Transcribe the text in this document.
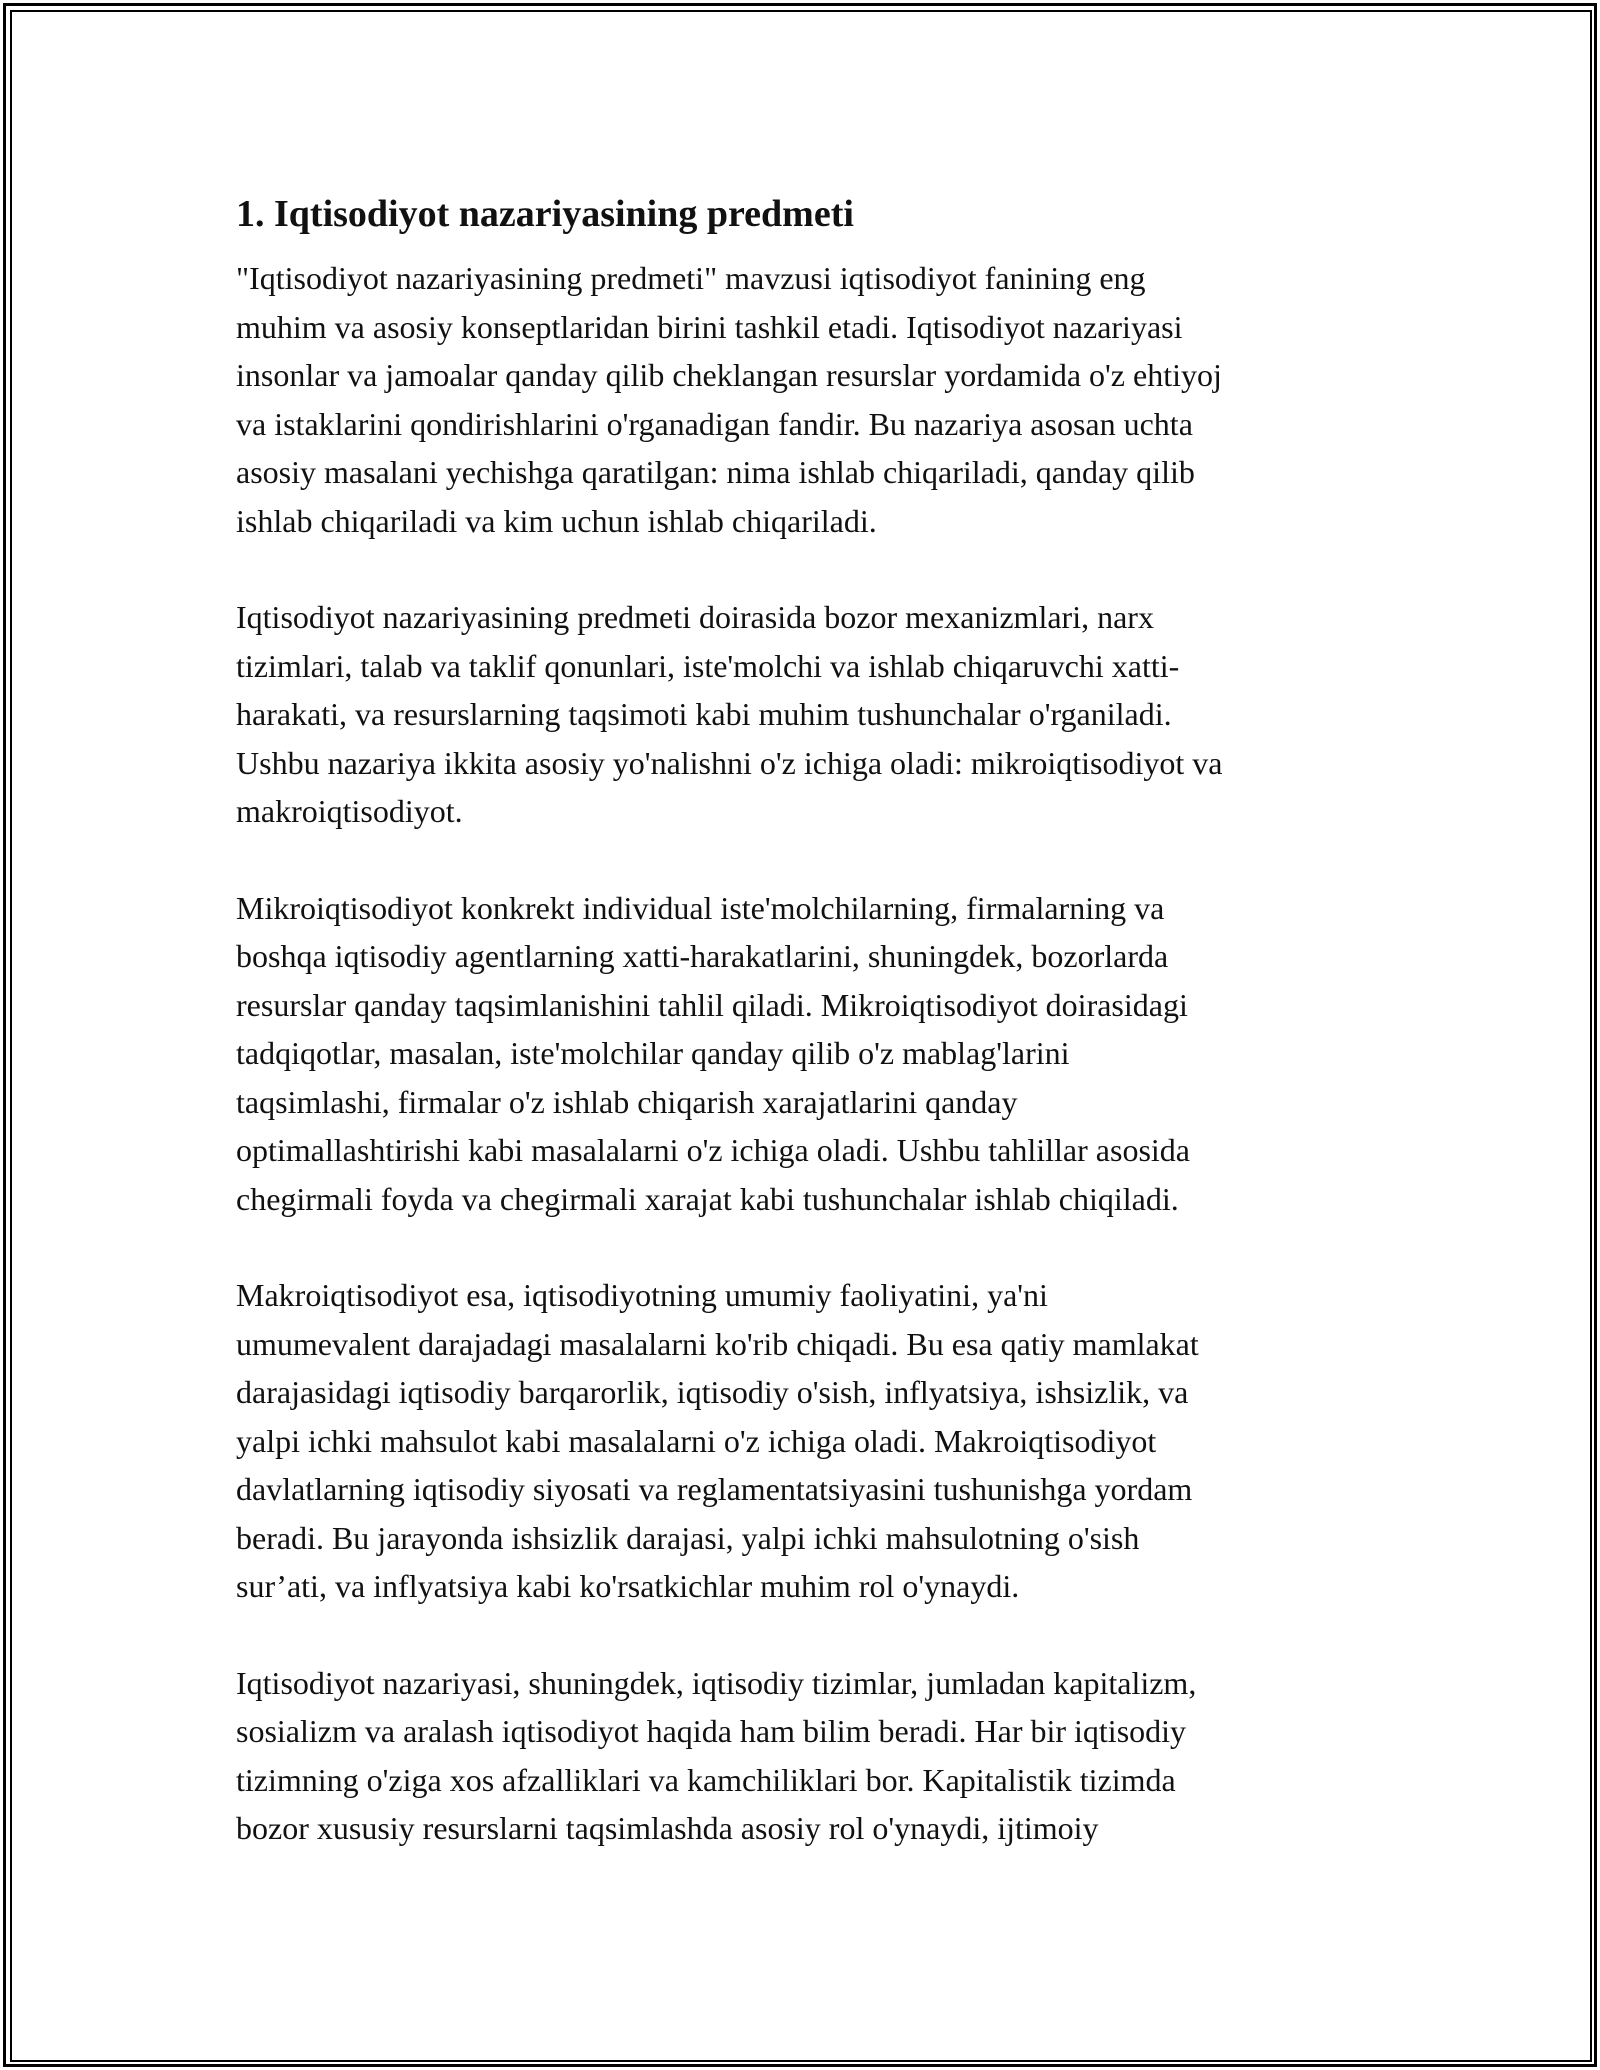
1. Iqtisodiyot nazariyasining predmeti

"Iqtisodiyot nazariyasining predmeti" mavzusi iqtisodiyot fanining eng
muhim va asosiy konseptlaridan birini tashkil etadi. Iqtisodiyot nazariyasi
insonlar va jamoalar qanday qilib cheklangan resurslar yordamida o'z ehtiyoj
va istaklarini qondirishlarini o'rganadigan fandir. Bu nazariya asosan uchta
asosiy masalani yechishga qaratilgan: nima ishlab chiqariladi, qanday qilib
ishlab chiqariladi va kim uchun ishlab chiqariladi.

Iqtisodiyot nazariyasining predmeti doirasida bozor mexanizmlari, narx
tizimlari, talab va taklif qonunlari, iste'molchi va ishlab chiqaruvchi xatti-
harakati, va resurslarning taqsimoti kabi muhim tushunchalar o'rganiladi.
Ushbu nazariya ikkita asosiy yo'nalishni o'z ichiga oladi: mikroiqtisodiyot va
makroiqtisodiyot.

Mikroiqtisodiyot konkrekt individual iste'molchilarning, firmalarning va
boshqa iqtisodiy agentlarning xatti-harakatlarini, shuningdek, bozorlarda
resurslar qanday taqsimlanishini tahlil qiladi. Mikroiqtisodiyot doirasidagi
tadqiqotlar, masalan, iste'molchilar qanday qilib o'z mablag'larini
taqsimlashi, firmalar o'z ishlab chiqarish xarajatlarini qanday
optimallashtirishi kabi masalalarni o'z ichiga oladi. Ushbu tahlillar asosida
chegirmali foyda va chegirmali xarajat kabi tushunchalar ishlab chiqiladi.

Makroiqtisodiyot esa, iqtisodiyotning umumiy faoliyatini, ya'ni
umumevalent darajadagi masalalarni ko'rib chiqadi. Bu esa qatiy mamlakat
darajasidagi iqtisodiy barqarorlik, iqtisodiy o'sish, inflyatsiya, ishsizlik, va
yalpi ichki mahsulot kabi masalalarni o'z ichiga oladi. Makroiqtisodiyot
davlatlarning iqtisodiy siyosati va reglamentatsiyasini tushunishga yordam
beradi. Bu jarayonda ishsizlik darajasi, yalpi ichki mahsulotning o'sish
sur’ati, va inflyatsiya kabi ko'rsatkichlar muhim rol o'ynaydi.

Iqtisodiyot nazariyasi, shuningdek, iqtisodiy tizimlar, jumladan kapitalizm,
sosializm va aralash iqtisodiyot haqida ham bilim beradi. Har bir iqtisodiy
tizimning o'ziga xos afzalliklari va kamchiliklari bor. Kapitalistik tizimda
bozor xususiy resurslarni taqsimlashda asosiy rol o'ynaydi, ijtimoiy
